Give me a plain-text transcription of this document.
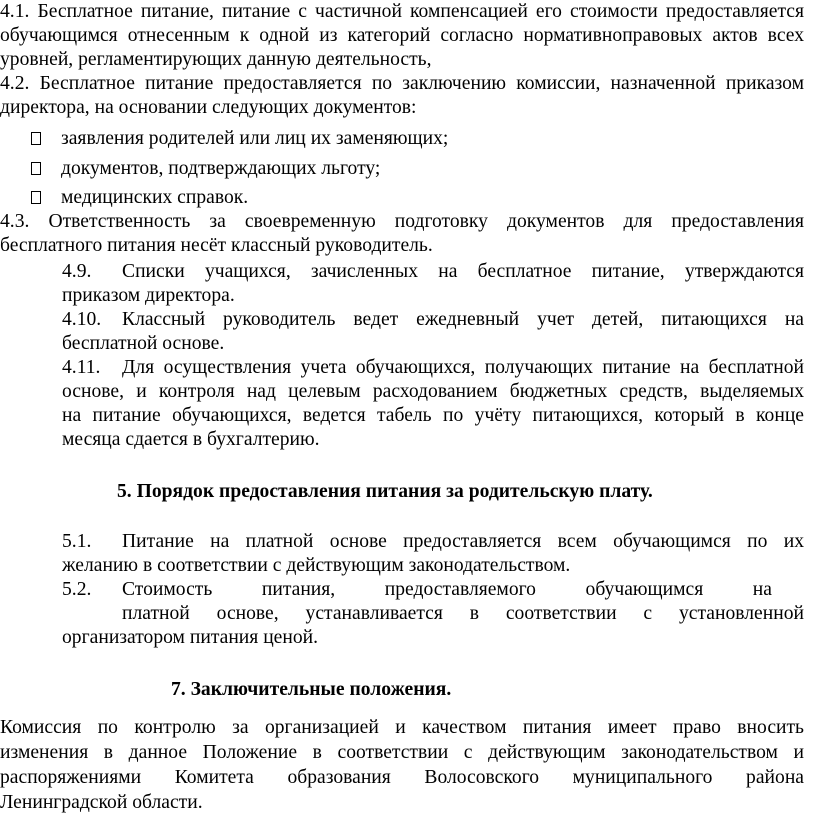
4.1. Бесплатное питание, питание с частичной компенсацией его стоимости предоставляется
обучающимся отнесенным к одной из категорий согласно нормативноправовых актов всех
уровней, регламентирующих данную деятельность,
4.2. Бесплатное питание предоставляется по заключению комиссии, назначенной приказом
директора, на основании следующих документов:
заявления родителей или лиц их заменяющих;
документов, подтверждающих льготу;
медицинских справок.
4.3. Ответственность за своевременную подготовку документов для предоставления
бесплатного питания несёт классный руководитель.
4.9. Списки учащихся, зачисленных на бесплатное питание, утверждаются
приказом директора.
4.10. Классный руководитель ведет ежедневный учет детей, питающихся на
бесплатной основе.
4.11. Для осуществления учета обучающихся, получающих питание на бесплатной
основе, и контроля над целевым расходованием бюджетных средств, выделяемых
на питание обучающихся, ведется табель по учёту питающихся, который в конце
месяца сдается в бухгалтерию.
5. Порядок предоставления питания за родительскую плату.
5.1. Питание на платной основе предоставляется всем обучающимся по их
желанию в соответствии с действующим законодательством.
5.2. Стоимость питания, предоставляемого обучающимся на
платной основе, устанавливается в соответствии с установленной
организатором питания ценой.
7. Заключительные положения.
Комиссия по контролю за организацией и качеством питания имеет право вносить
изменения в данное Положение в соответствии с действующим законодательством и
распоряжениями Комитета образования Волосовского муниципального района
Ленинградской области.
